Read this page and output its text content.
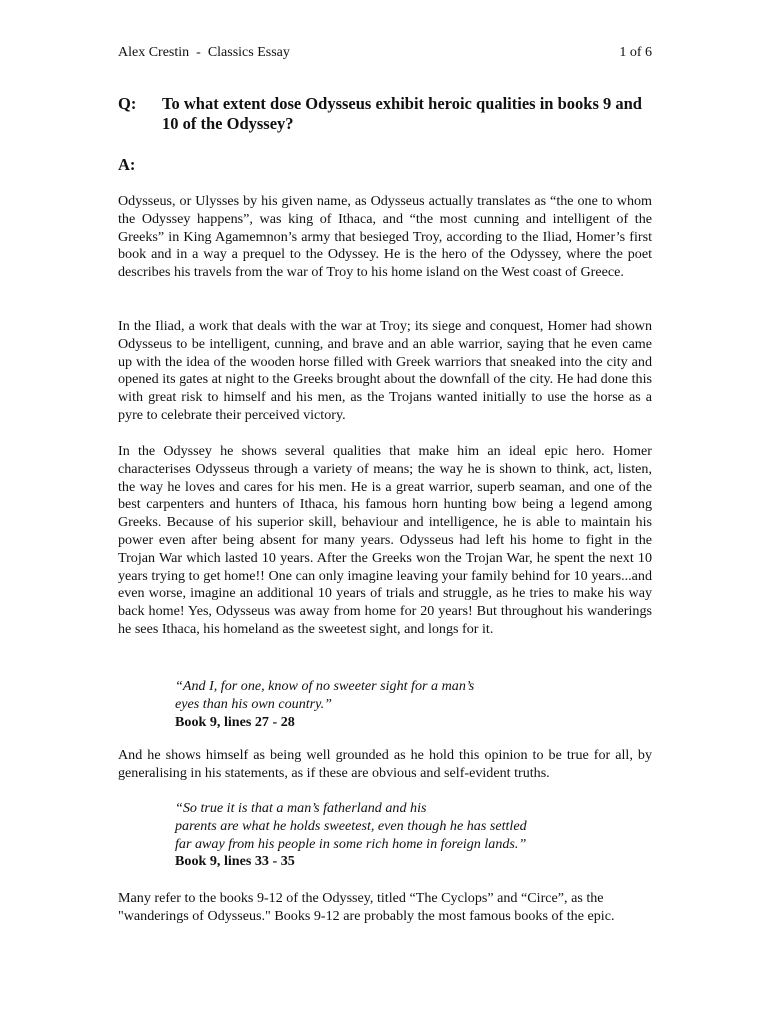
Alex Crestin  -  Classics Essay	1 of 6
Q:	To what extent dose Odysseus exhibit heroic qualities in books 9 and 10 of the Odyssey?
A:

Odysseus, or Ulysses by his given name, as Odysseus actually translates as “the one to whom the Odyssey happens”, was king of Ithaca, and “the most cunning and intelligent of the Greeks” in King Agamemnon’s army that besieged Troy, according to the Iliad, Homer’s first book and in a way a prequel to the Odyssey. He is the hero of the Odyssey, where the poet describes his travels from the war of Troy to his home island on the West coast of Greece.

In the Iliad, a work that deals with the war at Troy; its siege and conquest, Homer had shown Odysseus to be intelligent, cunning, and brave and an able warrior, saying that he even came up with the idea of the wooden horse filled with Greek warriors that sneaked into the city and opened its gates at night to the Greeks brought about the downfall of the city. He had done this with great risk to himself and his men, as the Trojans wanted initially to use the horse as a pyre to celebrate their perceived victory.

In the Odyssey he shows several qualities that make him an ideal epic hero. Homer characterises Odysseus through a variety of means; the way he is shown to think, act, listen, the way he loves and cares for his men. He is a great warrior, superb seaman, and one of the best carpenters and hunters of Ithaca, his famous horn hunting bow being a legend among Greeks. Because of his superior skill, behaviour and intelligence, he is able to maintain his power even after being absent for many years. Odysseus had left his home to fight in the Trojan War which lasted 10 years. After the Greeks won the Trojan War, he spent the next 10 years trying to get home!! One can only imagine leaving your family behind for 10 years...and even worse, imagine an additional 10 years of trials and struggle, as he tries to make his way back home! Yes, Odysseus was away from home for 20 years! But throughout his wanderings he sees Ithaca, his homeland as the sweetest sight, and longs for it.

“And I, for one, know of no sweeter sight for a man’s
eyes than his own country.”
Book 9, lines 27 - 28

And he shows himself as being well grounded as he hold this opinion to be true for all, by generalising in his statements, as if these are obvious and self-evident truths.

“So true it is that a man’s fatherland and his
parents are what he holds sweetest, even though he has settled
far away from his people in some rich home in foreign lands.”
Book 9, lines 33 - 35

Many refer to the books 9-12 of the Odyssey, titled “The Cyclops” and “Circe”, as the "wanderings of Odysseus." Books 9-12 are probably the most famous books of the epic.
